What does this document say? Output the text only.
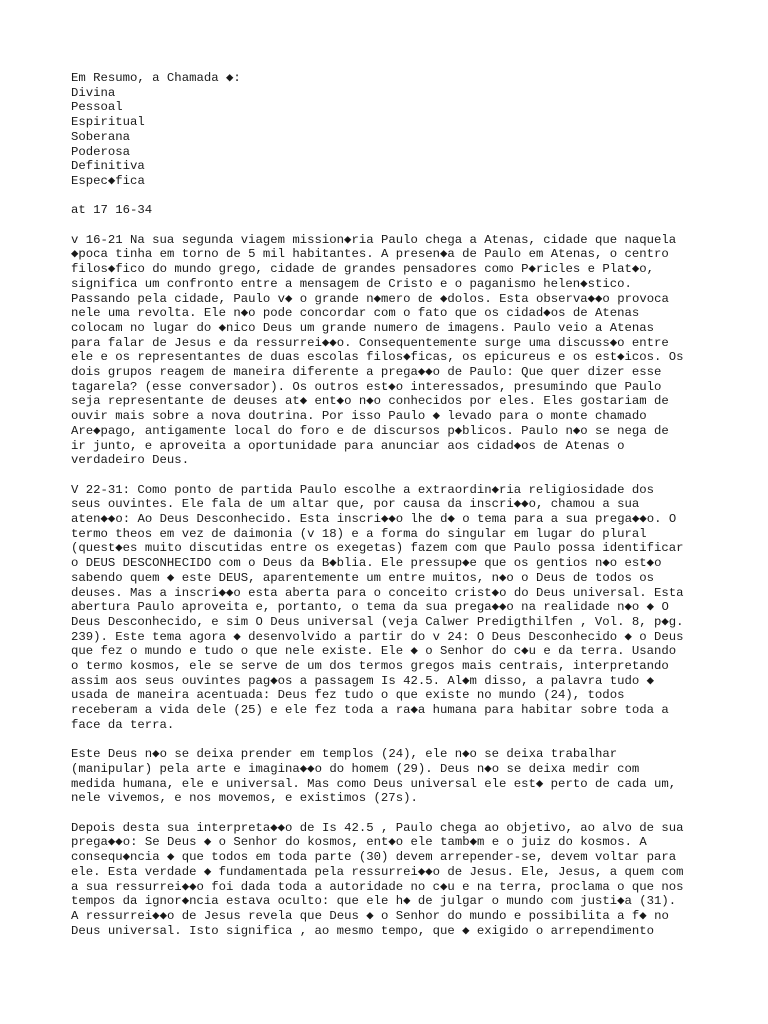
Em Resumo, a Chamada ◆:
Divina
Pessoal
Espiritual
Soberana
Poderosa
Definitiva
Espec◆fica
at 17 16-34
v 16-21 Na sua segunda viagem mission◆ria Paulo chega a Atenas, cidade que naquela
◆poca tinha em torno de 5 mil habitantes. A presen◆a de Paulo em Atenas, o centro
filos◆fico do mundo grego, cidade de grandes pensadores como P◆ricles e Plat◆o,
significa um confronto entre a mensagem de Cristo e o paganismo helen◆stico.
Passando pela cidade, Paulo v◆ o grande n◆mero de ◆dolos. Esta observa◆◆o provoca
nele uma revolta. Ele n◆o pode concordar com o fato que os cidad◆os de Atenas
colocam no lugar do ◆nico Deus um grande numero de imagens. Paulo veio a Atenas
para falar de Jesus e da ressurrei◆◆o. Consequentemente surge uma discuss◆o entre
ele e os representantes de duas escolas filos◆ficas, os epicureus e os est◆icos. Os
dois grupos reagem de maneira diferente a prega◆◆o de Paulo: Que quer dizer esse
tagarela? (esse conversador). Os outros est◆o interessados, presumindo que Paulo
seja representante de deuses at◆ ent◆o n◆o conhecidos por eles. Eles gostariam de
ouvir mais sobre a nova doutrina. Por isso Paulo ◆ levado para o monte chamado
Are◆pago, antigamente local do foro e de discursos p◆blicos. Paulo n◆o se nega de
ir junto, e aproveita a oportunidade para anunciar aos cidad◆os de Atenas o
verdadeiro Deus.
V 22-31: Como ponto de partida Paulo escolhe a extraordin◆ria religiosidade dos
seus ouvintes. Ele fala de um altar que, por causa da inscri◆◆o, chamou a sua
aten◆◆o: Ao Deus Desconhecido. Esta inscri◆◆o lhe d◆ o tema para a sua prega◆◆o. O
termo theos em vez de daimonia (v 18) e a forma do singular em lugar do plural
(quest◆es muito discutidas entre os exegetas) fazem com que Paulo possa identificar
o DEUS DESCONHECIDO com o Deus da B◆blia. Ele pressup◆e que os gentios n◆o est◆o
sabendo quem ◆ este DEUS, aparentemente um entre muitos, n◆o o Deus de todos os
deuses. Mas a inscri◆◆o esta aberta para o conceito crist◆o do Deus universal. Esta
abertura Paulo aproveita e, portanto, o tema da sua prega◆◆o na realidade n◆o ◆ O
Deus Desconhecido, e sim O Deus universal (veja Calwer Predigthilfen , Vol. 8, p◆g.
239). Este tema agora ◆ desenvolvido a partir do v 24: O Deus Desconhecido ◆ o Deus
que fez o mundo e tudo o que nele existe. Ele ◆ o Senhor do c◆u e da terra. Usando
o termo kosmos, ele se serve de um dos termos gregos mais centrais, interpretando
assim aos seus ouvintes pag◆os a passagem Is 42.5. Al◆m disso, a palavra tudo ◆
usada de maneira acentuada: Deus fez tudo o que existe no mundo (24), todos
receberam a vida dele (25) e ele fez toda a ra◆a humana para habitar sobre toda a
face da terra.
Este Deus n◆o se deixa prender em templos (24), ele n◆o se deixa trabalhar
(manipular) pela arte e imagina◆◆o do homem (29). Deus n◆o se deixa medir com
medida humana, ele e universal. Mas como Deus universal ele est◆ perto de cada um,
nele vivemos, e nos movemos, e existimos (27s).
Depois desta sua interpreta◆◆o de Is 42.5 , Paulo chega ao objetivo, ao alvo de sua
prega◆◆o: Se Deus ◆ o Senhor do kosmos, ent◆o ele tamb◆m e o juiz do kosmos. A
consequ◆ncia ◆ que todos em toda parte (30) devem arrepender-se, devem voltar para
ele. Esta verdade ◆ fundamentada pela ressurrei◆◆o de Jesus. Ele, Jesus, a quem com
a sua ressurrei◆◆o foi dada toda a autoridade no c◆u e na terra, proclama o que nos
tempos da ignor◆ncia estava oculto: que ele h◆ de julgar o mundo com justi◆a (31).
A ressurrei◆◆o de Jesus revela que Deus ◆ o Senhor do mundo e possibilita a f◆ no
Deus universal. Isto significa , ao mesmo tempo, que ◆ exigido o arrependimento
